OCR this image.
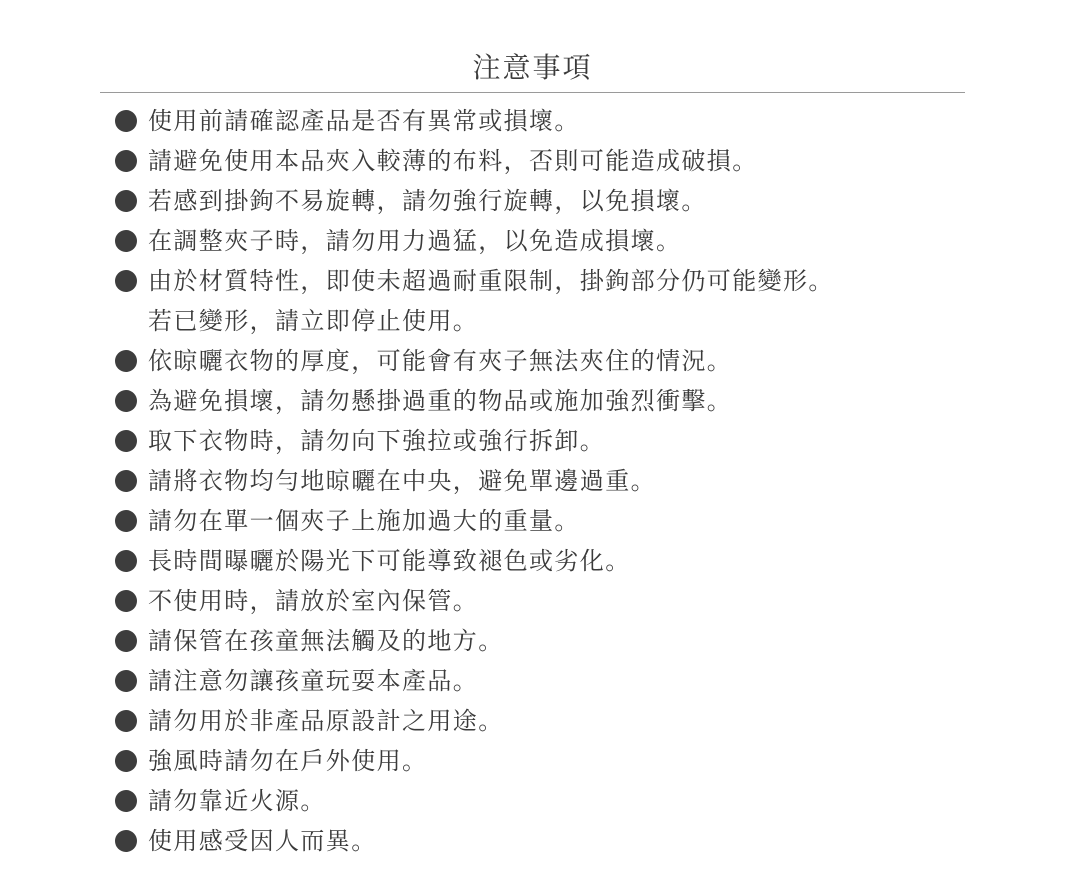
注意事項
使用前請確認產品是否有異常或損壞。
請避免使用本品夾入較薄的布料，否則可能造成破損。
若感到掛鉤不易旋轉，請勿強行旋轉，以免損壞。
在調整夾子時，請勿用力過猛，以免造成損壞。
由於材質特性，即使未超過耐重限制，掛鉤部分仍可能變形。
若已變形，請立即停止使用。
依晾曬衣物的厚度，可能會有夾子無法夾住的情況。
為避免損壞，請勿懸掛過重的物品或施加強烈衝擊。
取下衣物時，請勿向下強拉或強行拆卸。
請將衣物均勻地晾曬在中央，避免單邊過重。
請勿在單一個夾子上施加過大的重量。
長時間曝曬於陽光下可能導致褪色或劣化。
不使用時，請放於室內保管。
請保管在孩童無法觸及的地方。
請注意勿讓孩童玩耍本產品。
請勿用於非產品原設計之用途。
強風時請勿在戶外使用。
請勿靠近火源。
使用感受因人而異。
